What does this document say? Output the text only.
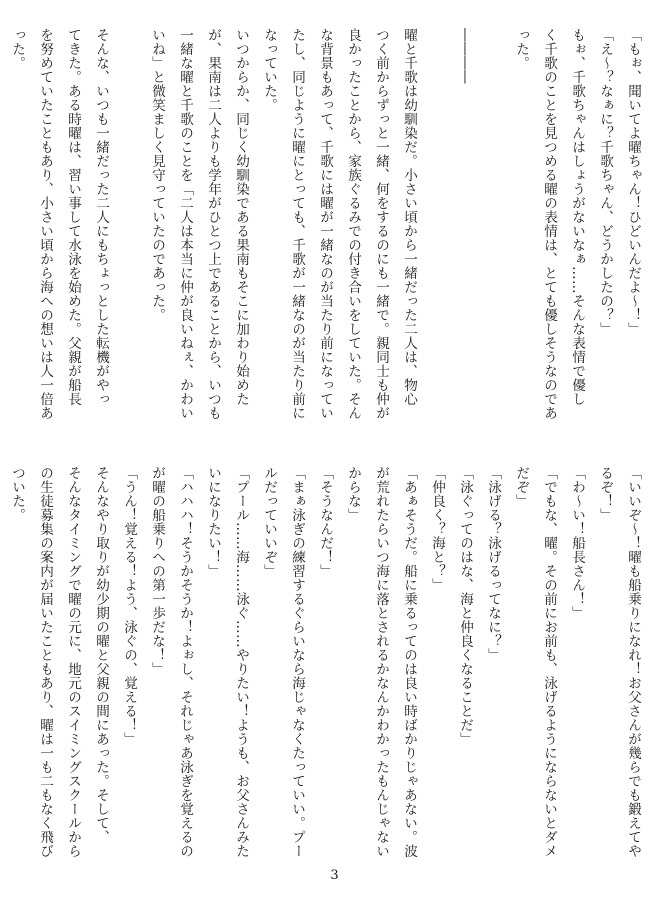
「もぉ、聞いてよ曜ちゃん！ひどいんだよ～！」

「え～？なぁに？千歌ちゃん、どうかしたの？」

もぉ、千歌ちゃんはしょうがないなぁ……そんな表情で優し

く千歌のことを見つめる曜の表情は、とても優しそうなのであ

った。

――――

曜と千歌は幼馴染だ。小さい頃から一緒だった二人は、物心

つく前からずっと一緒、何をするのにも一緒で。親同士も仲が

良かったことから、家族ぐるみでの付き合いをしていた。そん

な背景もあって、千歌には曜が一緒なのが当たり前になってい

たし、同じように曜にとっても、千歌が一緒なのが当たり前に

なっていた。

いつからか、同じく幼馴染である果南もそこに加わり始めた

が、果南は二人よりも学年がひとつ上であることから、いつも

一緒な曜と千歌のことを「二人は本当に仲が良いねぇ、かわい

いね」と微笑ましく見守っていたのであった。

そんな、いつも一緒だった二人にもちょっとした転機がやっ

てきた。ある時曜は、習い事して水泳を始めた。父親が船長

を努めていたこともあり、小さい頃から海への想いは人一倍あ

った。

「いいぞ～！曜も船乗りになれ！お父さんが幾らでも鍛えてや

るぞ！」

「わ～い！船長さん！」

「でもな、曜。その前にお前も、泳げるようにならないとダメ

だぞ」

「泳げる？泳げるってなに？」

「泳ぐってのはな、海と仲良くなることだ」

「仲良く？海と？」

「あぁそうだ。船に乗るってのは良い時ばかりじゃあない。波

が荒れたらいつ海に落とされるかなんかわかったもんじゃない

からな」

「そうなんだ！」

「まぁ泳ぎの練習するぐらいなら海じゃなくたっていい。プー

ルだっていいぞ」

「プール……海……泳ぐ……やりたい！ようも、お父さんみた

いになりたい！」

「ハハハ！そうかそうか！よぉし、それじゃあ泳ぎを覚えるの

が曜の船乗りへの第一歩だな！」

「うん！覚える！よう、泳ぐの、覚える！」

そんなやり取りが幼少期の曜と父親の間にあった。そして、

そんなタイミングで曜の元に、地元のスイミングスクールから

の生徒募集の案内が届いたこともあり、曜は一も二もなく飛び

ついた。

3
